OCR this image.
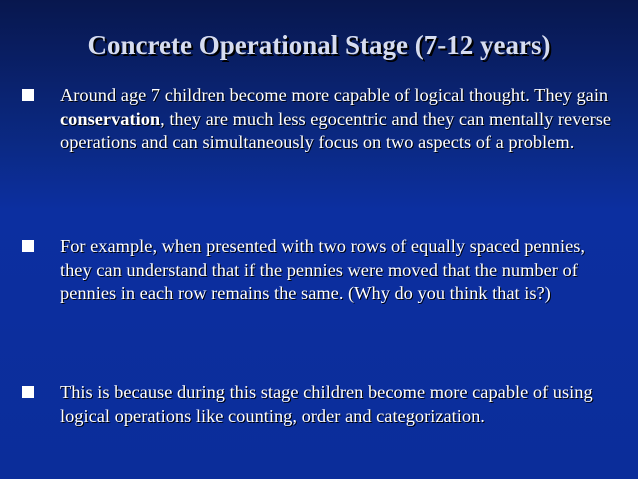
Concrete Operational Stage (7-12 years)
Around age 7 children become more capable of logical thought. They gain conservation, they are much less egocentric and they can mentally reverse operations and can simultaneously focus on two aspects of a problem.
For example, when presented with two rows of equally spaced pennies, they can understand that if the pennies were moved that the number of pennies in each row remains the same. (Why do you think that is?)
This is because during this stage children become more capable of using logical operations like counting, order and categorization.
